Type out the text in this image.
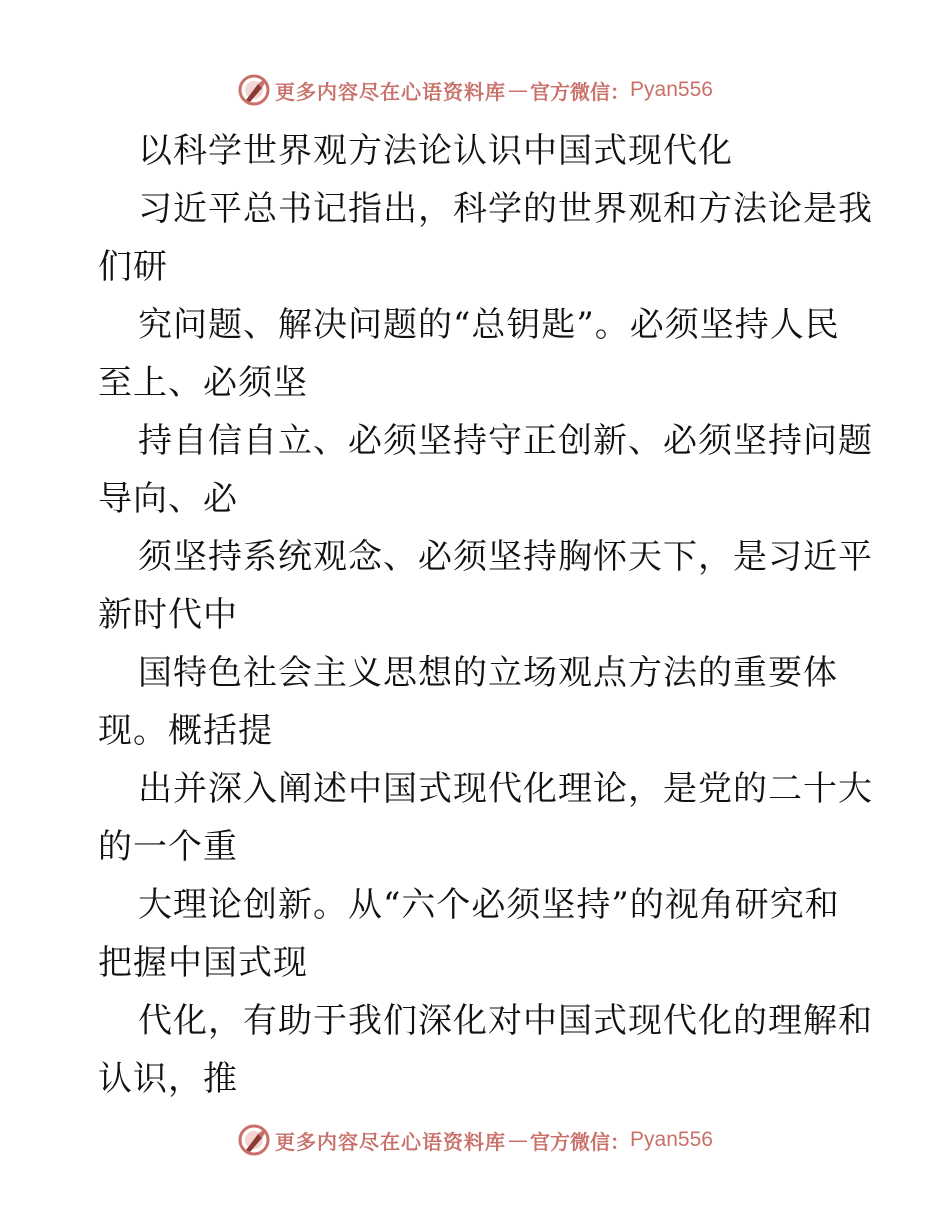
更多内容尽在心语资料库 — 官方微信： Pyan556
以科学世界观方法论认识中国式现代化
习近平总书记指出，科学的世界观和方法论是我
们研
究问题、解决问题的“总钥匙”。必须坚持人民
至上、必须坚
持自信自立、必须坚持守正创新、必须坚持问题
导向、必
须坚持系统观念、必须坚持胸怀天下，是习近平
新时代中
国特色社会主义思想的立场观点方法的重要体
现。概括提
出并深入阐述中国式现代化理论，是党的二十大
的一个重
大理论创新。从“六个必须坚持”的视角研究和
把握中国式现
代化，有助于我们深化对中国式现代化的理解和
认识，推
更多内容尽在心语资料库 — 官方微信： Pyan556
